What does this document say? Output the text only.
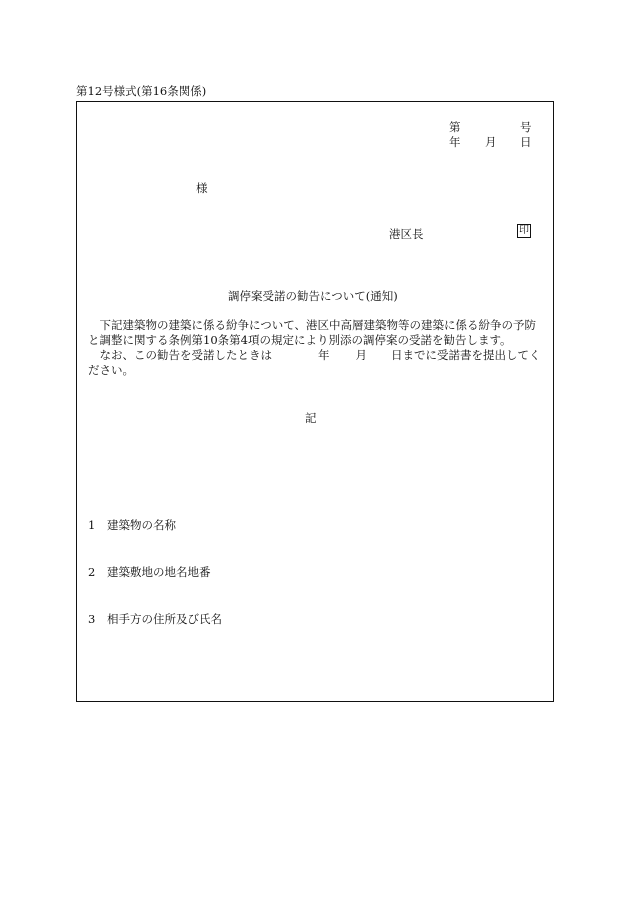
第12号様式(第16条関係)
第	号
年 月 日
様
港区長	印
調停案受諾の勧告について(通知)

下記建築物の建築に係る紛争について、港区中高層建築物等の建築に係る紛争の予防と調整に関する条例第10条第4項の規定により別添の調停案の受諾を勧告します。

なお、この勧告を受諾したときは	年 月 日までに受諾書を提出してください。

記
1 建築物の名称
2 建築敷地の地名地番
3 相手方の住所及び氏名
